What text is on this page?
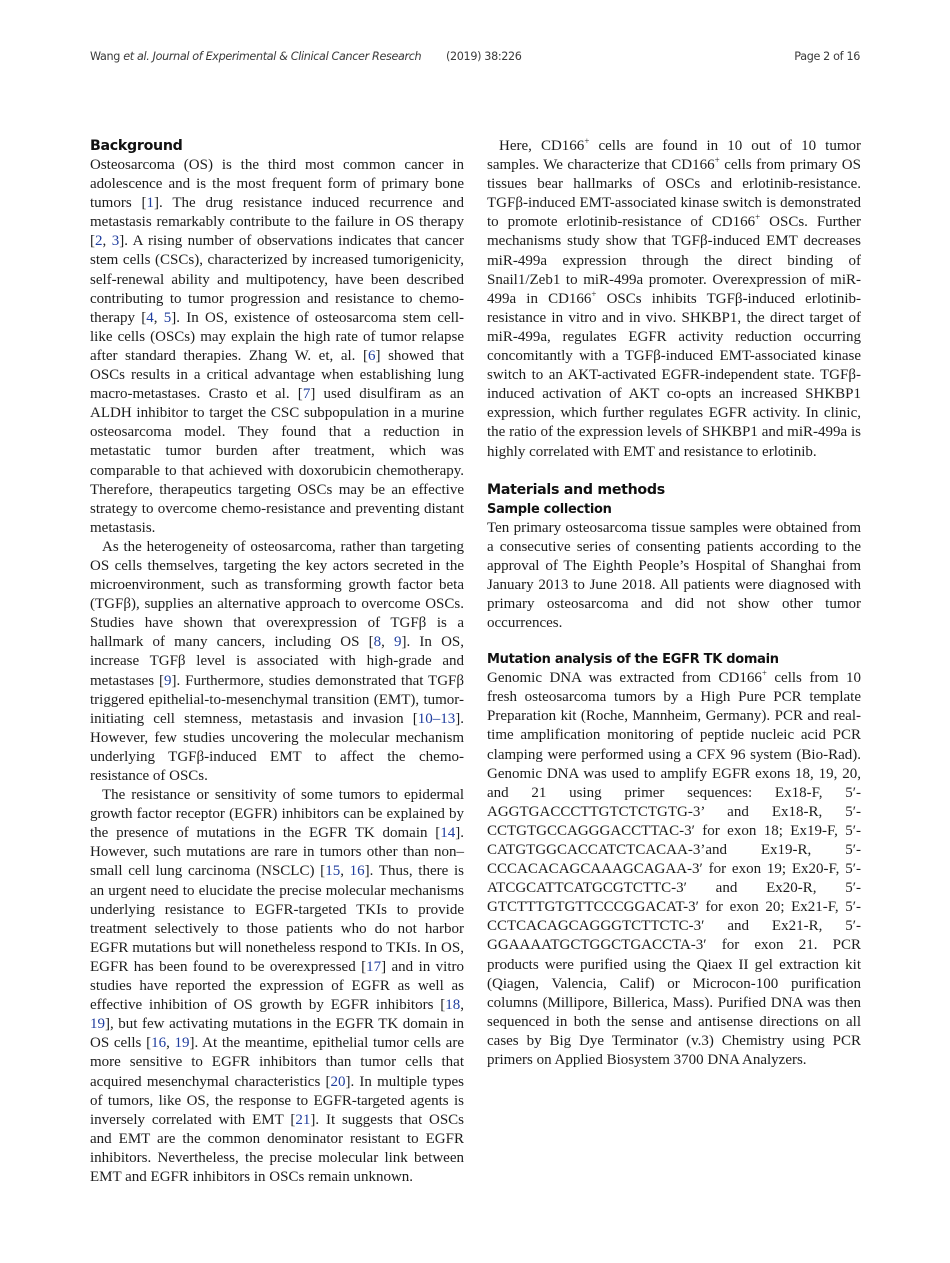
Wang et al. Journal of Experimental & Clinical Cancer Research (2019) 38:226	Page 2 of 16
Background

Osteosarcoma (OS) is the third most common cancer in adolescence and is the most frequent form of primary bone tumors [1]. The drug resistance induced recurrence and metastasis remarkably contribute to the failure in OS therapy [2, 3]. A rising number of observations indicates that cancer stem cells (CSCs), characterized by increased tumorigenicity, self-renewal ability and multipotency, have been described contributing to tumor progression and resistance to chemo-therapy [4, 5]. In OS, existence of osteosarcoma stem cell-like cells (OSCs) may explain the high rate of tumor relapse after standard therapies. Zhang W. et, al. [6] showed that OSCs results in a critical advantage when establishing lung macro-metastases. Crasto et al. [7] used disulfiram as an ALDH inhibitor to target the CSC subpopulation in a murine osteosarcoma model. They found that a reduction in metastatic tumor burden after treatment, which was comparable to that achieved with doxorubicin chemotherapy. Therefore, therapeutics targeting OSCs may be an effective strategy to overcome chemo-resistance and preventing distant metastasis.

As the heterogeneity of osteosarcoma, rather than targeting OS cells themselves, targeting the key actors secreted in the microenvironment, such as transforming growth factor beta (TGFβ), supplies an alternative approach to overcome OSCs. Studies have shown that overexpression of TGFβ is a hallmark of many cancers, including OS [8, 9]. In OS, increase TGFβ level is associated with high-grade and metastases [9]. Furthermore, studies demonstrated that TGFβ triggered epithelial-to-mesenchymal transition (EMT), tumor-initiating cell stemness, metastasis and invasion [10–13]. However, few studies uncovering the molecular mechanism underlying TGFβ-induced EMT to affect the chemo-resistance of OSCs.

The resistance or sensitivity of some tumors to epidermal growth factor receptor (EGFR) inhibitors can be explained by the presence of mutations in the EGFR TK domain [14]. However, such mutations are rare in tumors other than non–small cell lung carcinoma (NSCLC) [15, 16]. Thus, there is an urgent need to elucidate the precise molecular mechanisms underlying resistance to EGFR-targeted TKIs to provide treatment selectively to those patients who do not harbor EGFR mutations but will nonetheless respond to TKIs. In OS, EGFR has been found to be overexpressed [17] and in vitro studies have reported the expression of EGFR as well as effective inhibition of OS growth by EGFR inhibitors [18, 19], but few activating mutations in the EGFR TK domain in OS cells [16, 19]. At the meantime, epithelial tumor cells are more sensitive to EGFR inhibitors than tumor cells that acquired mesenchymal characteristics [20]. In multiple types of tumors, like OS, the response to EGFR-targeted agents is inversely correlated with EMT [21]. It suggests that OSCs and EMT are the common denominator resistant to EGFR inhibitors. Nevertheless, the precise molecular link between EMT and EGFR inhibitors in OSCs remain unknown.

Here, CD166+ cells are found in 10 out of 10 tumor samples. We characterize that CD166+ cells from primary OS tissues bear hallmarks of OSCs and erlotinib-resistance. TGFβ-induced EMT-associated kinase switch is demonstrated to promote erlotinib-resistance of CD166+ OSCs. Further mechanisms study show that TGFβ-induced EMT decreases miR-499a expression through the direct binding of Snail1/Zeb1 to miR-499a promoter. Overexpression of miR-499a in CD166+ OSCs inhibits TGFβ-induced erlotinib-resistance in vitro and in vivo. SHKBP1, the direct target of miR-499a, regulates EGFR activity reduction occurring concomitantly with a TGFβ-induced EMT-associated kinase switch to an AKT-activated EGFR-independent state. TGFβ-induced activation of AKT co-opts an increased SHKBP1 expression, which further regulates EGFR activity. In clinic, the ratio of the expression levels of SHKBP1 and miR-499a is highly correlated with EMT and resistance to erlotinib.

Materials and methods
Sample collection

Ten primary osteosarcoma tissue samples were obtained from a consecutive series of consenting patients according to the approval of The Eighth People’s Hospital of Shanghai from January 2013 to June 2018. All patients were diagnosed with primary osteosarcoma and did not show other tumor occurrences.

Mutation analysis of the EGFR TK domain

Genomic DNA was extracted from CD166+ cells from 10 fresh osteosarcoma tumors by a High Pure PCR template Preparation kit (Roche, Mannheim, Germany). PCR and real-time amplification monitoring of peptide nucleic acid PCR clamping were performed using a CFX 96 system (Bio-Rad). Genomic DNA was used to amplify EGFR exons 18, 19, 20, and 21 using primer sequences: Ex18-F, 5′-AGGTGACCCTTGTCTCTGTG-3’ and Ex18-R, 5′-CCTGTGCCAGGGACCTTAC-3′ for exon 18; Ex19-F, 5′-CATGTGGCACCATCTCACAA-3’and Ex19-R, 5′-CCCACACAGCAAAGCAGAA-3′ for exon 19; Ex20-F, 5′-ATCGCATTCATGCGTCTTC-3′ and Ex20-R, 5′-GTCTTTGTGTTCCCGGACAT-3′ for exon 20; Ex21-F, 5′-CCTCACAGCAGGGTCTTCTC-3′ and Ex21-R, 5′-GGAAAATGCTGGCTGACCTA-3′ for exon 21. PCR products were purified using the Qiaex II gel extraction kit (Qiagen, Valencia, Calif) or Microcon-100 purification columns (Millipore, Billerica, Mass). Purified DNA was then sequenced in both the sense and antisense directions on all cases by Big Dye Terminator (v.3) Chemistry using PCR primers on Applied Biosystem 3700 DNA Analyzers.
